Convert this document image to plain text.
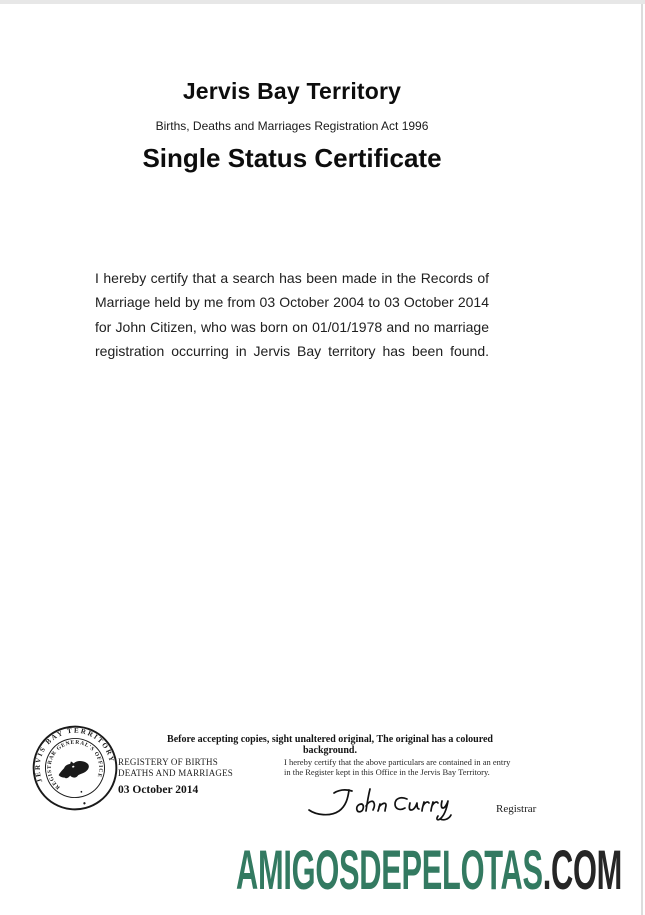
Jervis Bay Territory
Births, Deaths and Marriages Registration Act 1996
Single Status Certificate

I hereby certify that a search has been made in the Records of Marriage held by me from 03 October 2004 to 03 October 2014 for John Citizen, who was born on 01/01/1978 and no marriage registration occurring in Jervis Bay territory has been found.

JERVIS BAY TERRITORY
REGISTRAR GENERAL'S OFFICE
Before accepting copies, sight unaltered original, The original has a coloured background.
REGISTERY OF BIRTHS
DEATHS AND MARRIAGES
03 October 2014
I hereby certify that the above particulars are contained in an entry
in the Register kept in this Office in the Jervis Bay Territory.
Registrar
AMIGOSDEPELOTAS.COM
